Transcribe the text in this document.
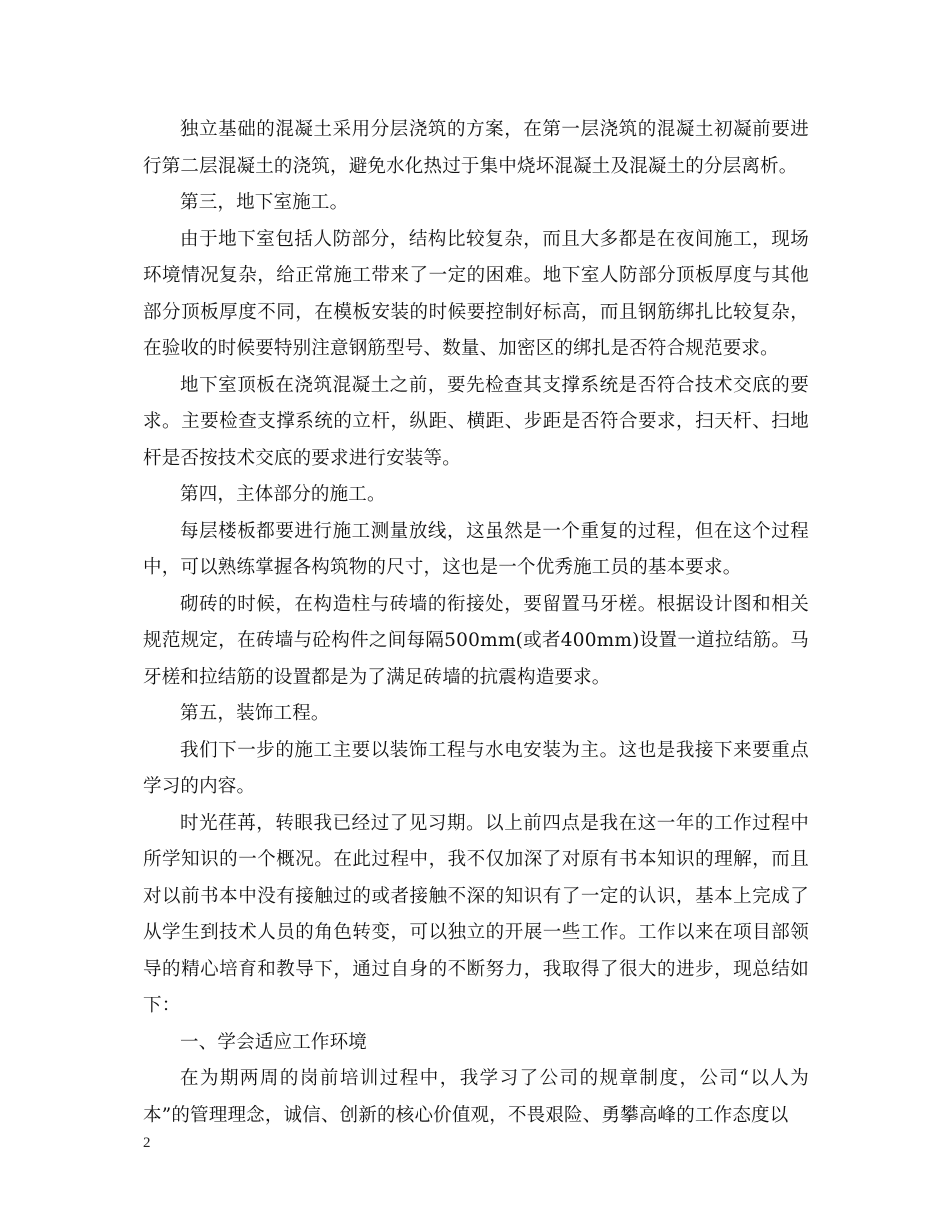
独立基础的混凝土采用分层浇筑的方案，在第一层浇筑的混凝土初凝前要进行第二层混凝土的浇筑，避免水化热过于集中烧坏混凝土及混凝土的分层离析。

第三，地下室施工。

由于地下室包括人防部分，结构比较复杂，而且大多都是在夜间施工，现场环境情况复杂，给正常施工带来了一定的困难。地下室人防部分顶板厚度与其他部分顶板厚度不同，在模板安装的时候要控制好标高，而且钢筋绑扎比较复杂，在验收的时候要特别注意钢筋型号、数量、加密区的绑扎是否符合规范要求。

地下室顶板在浇筑混凝土之前，要先检查其支撑系统是否符合技术交底的要求。主要检查支撑系统的立杆，纵距、横距、步距是否符合要求，扫天杆、扫地杆是否按技术交底的要求进行安装等。

第四，主体部分的施工。

每层楼板都要进行施工测量放线，这虽然是一个重复的过程，但在这个过程中，可以熟练掌握各构筑物的尺寸，这也是一个优秀施工员的基本要求。

砌砖的时候，在构造柱与砖墙的衔接处，要留置马牙槎。根据设计图和相关规范规定，在砖墙与砼构件之间每隔500mm(或者400mm)设置一道拉结筋。马牙槎和拉结筋的设置都是为了满足砖墙的抗震构造要求。

第五，装饰工程。

我们下一步的施工主要以装饰工程与水电安装为主。这也是我接下来要重点学习的内容。

时光荏苒，转眼我已经过了见习期。以上前四点是我在这一年的工作过程中所学知识的一个概况。在此过程中，我不仅加深了对原有书本知识的理解，而且对以前书本中没有接触过的或者接触不深的知识有了一定的认识，基本上完成了从学生到技术人员的角色转变，可以独立的开展一些工作。工作以来在项目部领导的精心培育和教导下，通过自身的不断努力，我取得了很大的进步，现总结如下：

一、学会适应工作环境

在为期两周的岗前培训过程中，我学习了公司的规章制度，公司“以人为本”的管理理念，诚信、创新的核心价值观，不畏艰险、勇攀高峰的工作态度以

2
